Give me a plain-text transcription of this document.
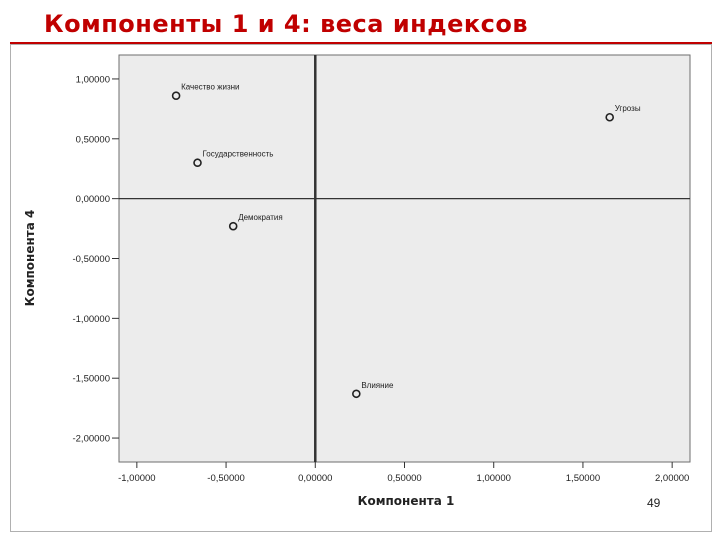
Компоненты 1 и 4: веса индексов
1,00000
0,50000
0,00000
-0,50000
-1,00000
-1,50000
-2,00000
-1,00000	-0,50000	0,00000	0,50000	1,00000	1,50000	2,00000
Качество жизни
Угрозы
Государственность
Демократия
Влияние
Компонента 4
Компонента 1	49
